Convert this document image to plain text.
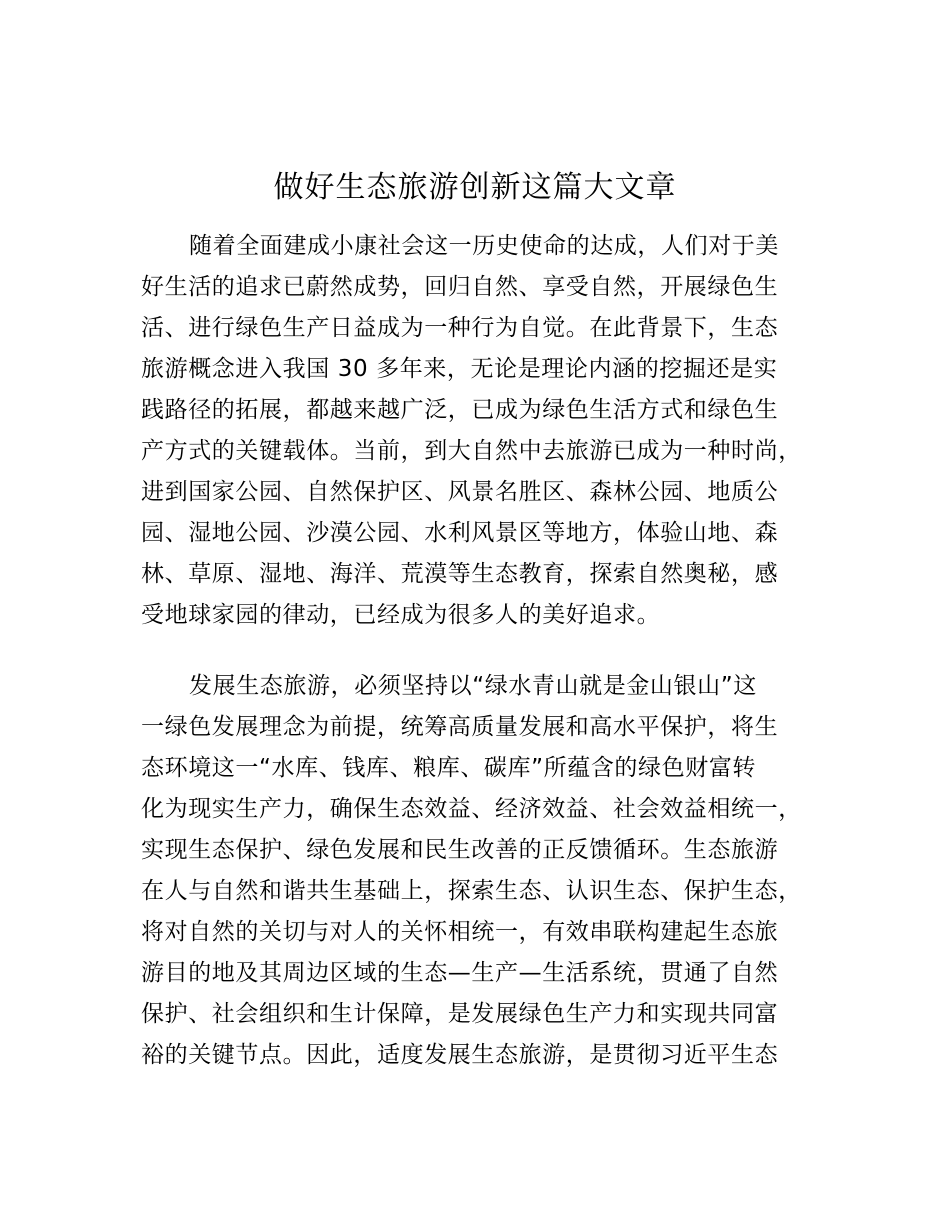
做好生态旅游创新这篇大文章
随着全面建成小康社会这一历史使命的达成，人们对于美
好生活的追求已蔚然成势，回归自然、享受自然，开展绿色生
活、进行绿色生产日益成为一种行为自觉。在此背景下，生态
旅游概念进入我国 30 多年来，无论是理论内涵的挖掘还是实
践路径的拓展，都越来越广泛，已成为绿色生活方式和绿色生
产方式的关键载体。当前，到大自然中去旅游已成为一种时尚，
进到国家公园、自然保护区、风景名胜区、森林公园、地质公
园、湿地公园、沙漠公园、水利风景区等地方，体验山地、森
林、草原、湿地、海洋、荒漠等生态教育，探索自然奥秘，感
受地球家园的律动，已经成为很多人的美好追求。
发展生态旅游，必须坚持以“绿水青山就是金山银山”这
一绿色发展理念为前提，统筹高质量发展和高水平保护，将生
态环境这一“水库、钱库、粮库、碳库”所蕴含的绿色财富转
化为现实生产力，确保生态效益、经济效益、社会效益相统一，
实现生态保护、绿色发展和民生改善的正反馈循环。生态旅游
在人与自然和谐共生基础上，探索生态、认识生态、保护生态，
将对自然的关切与对人的关怀相统一，有效串联构建起生态旅
游目的地及其周边区域的生态—生产—生活系统，贯通了自然
保护、社会组织和生计保障，是发展绿色生产力和实现共同富
裕的关键节点。因此，适度发展生态旅游，是贯彻习近平生态
